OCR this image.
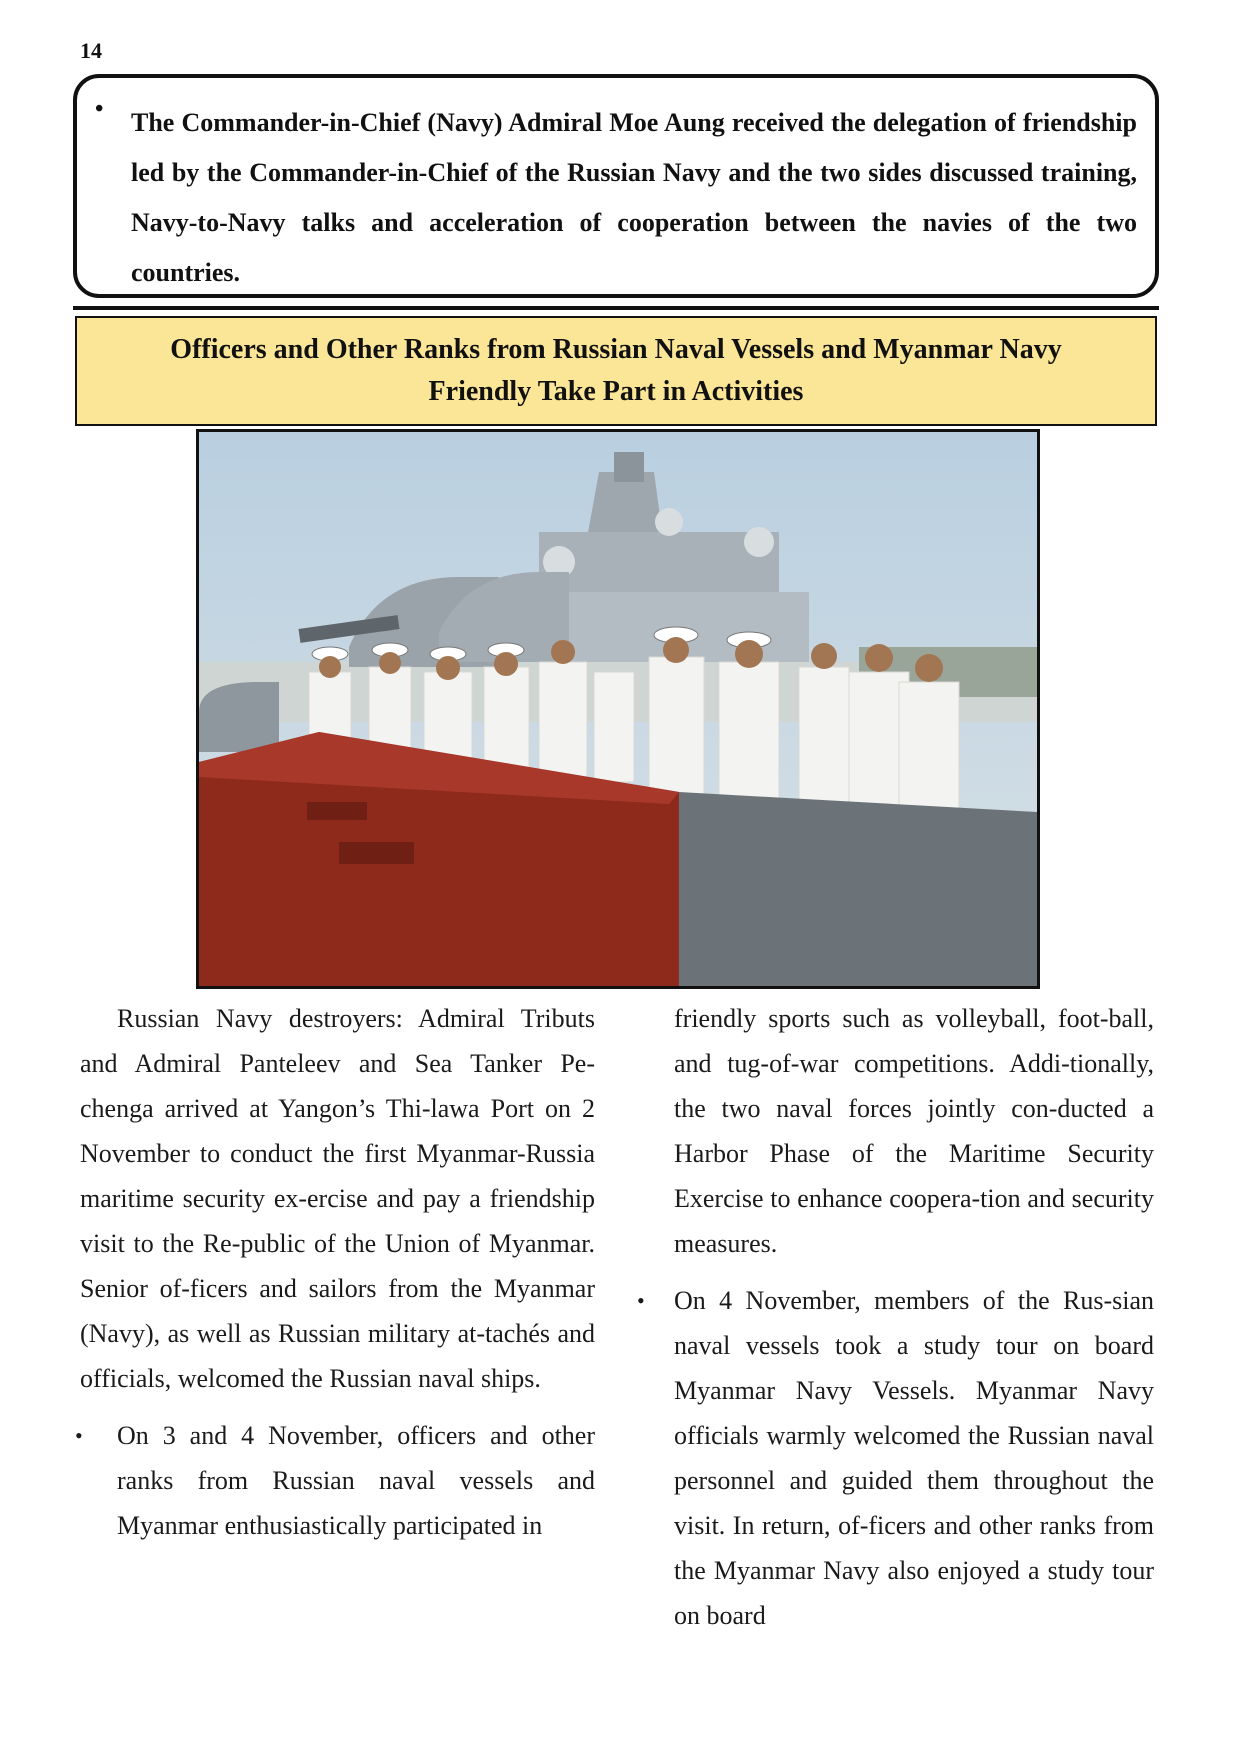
14
• The Commander-in-Chief (Navy) Admiral Moe Aung received the delegation of friendship led by the Commander-in-Chief of the Russian Navy and the two sides discussed training, Navy-to-Navy talks and acceleration of cooperation between the navies of the two countries.
Officers and Other Ranks from Russian Naval Vessels and Myanmar Navy
Friendly Take Part in Activities

Russian Navy destroyers: Admiral Tributs and Admiral Panteleev and Sea Tanker Pe-chenga arrived at Yangon’s Thi-lawa Port on 2 November to conduct the first Myanmar-Russia maritime security ex-ercise and pay a friendship visit to the Re-public of the Union of Myanmar. Senior of-ficers and sailors from the Myanmar (Navy), as well as Russian military at-tachés and officials, welcomed the Russian naval ships.

• On 3 and 4 November, officers and other ranks from Russian naval vessels and Myanmar enthusiastically participated in

friendly sports such as volleyball, foot-ball, and tug-of-war competitions. Addi-tionally, the two naval forces jointly con-ducted a Harbor Phase of the Maritime Security Exercise to enhance coopera-tion and security measures.

• On 4 November, members of the Rus-sian naval vessels took a study tour on board Myanmar Navy Vessels. Myanmar Navy officials warmly welcomed the Russian naval personnel and guided them throughout the visit. In return, of-ficers and other ranks from the Myanmar Navy also enjoyed a study tour on board
